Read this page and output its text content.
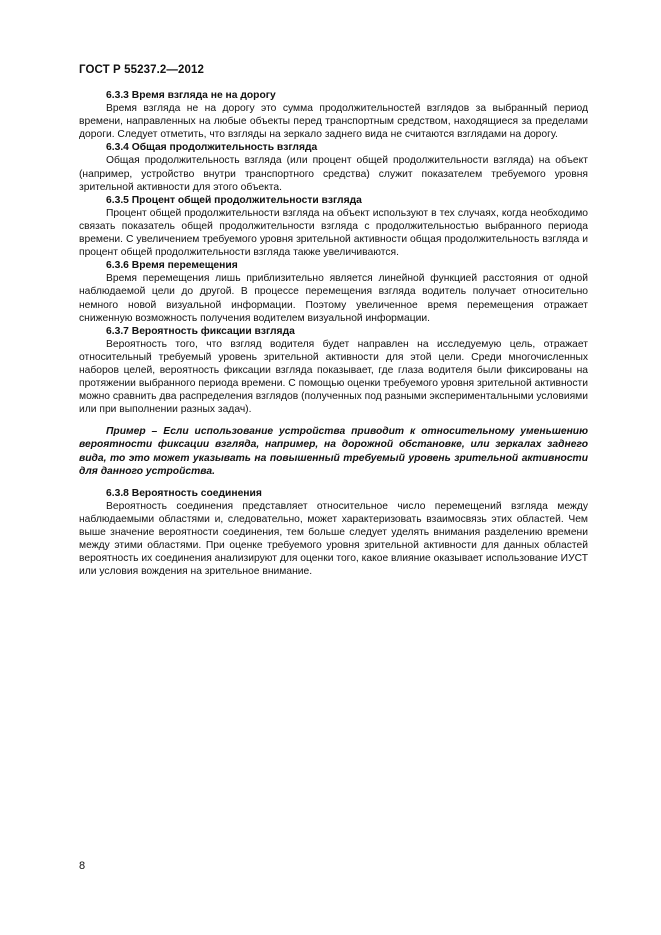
ГОСТ Р 55237.2—2012

6.3.3 Время взгляда не на дорогу

Время взгляда не на дорогу это сумма продолжительностей взглядов за выбранный период времени, направленных на любые объекты перед транспортным средством, находящиеся за пределами дороги. Следует отметить, что взгляды на зеркало заднего вида не считаются взглядами на дорогу.

6.3.4 Общая продолжительность взгляда

Общая продолжительность взгляда (или процент общей продолжительности взгляда) на объект (например, устройство внутри транспортного средства) служит показателем требуемого уровня зрительной активности для этого объекта.

6.3.5 Процент общей продолжительности взгляда

Процент общей продолжительности взгляда на объект используют в тех случаях, когда необходимо связать показатель общей продолжительности взгляда с продолжительностью выбранного периода времени. С увеличением требуемого уровня зрительной активности общая продолжительность взгляда и процент общей продолжительности взгляда также увеличиваются.

6.3.6 Время перемещения

Время перемещения лишь приблизительно является линейной функцией расстояния от одной наблюдаемой цели до другой. В процессе перемещения взгляда водитель получает относительно немного новой визуальной информации. Поэтому увеличенное время перемещения отражает сниженную возможность получения водителем визуальной информации.

6.3.7 Вероятность фиксации взгляда

Вероятность того, что взгляд водителя будет направлен на исследуемую цель, отражает относительный требуемый уровень зрительной активности для этой цели. Среди многочисленных наборов целей, вероятность фиксации взгляда показывает, где глаза водителя были фиксированы на протяжении выбранного периода времени. С помощью оценки требуемого уровня зрительной активности можно сравнить два распределения взглядов (полученных под разными экспериментальными условиями или при выполнении разных задач).

Пример – Если использование устройства приводит к относительному уменьшению вероятности фиксации взгляда, например, на дорожной обстановке, или зеркалах заднего вида, то это может указывать на повышенный требуемый уровень зрительной активности для данного устройства.

6.3.8 Вероятность соединения

Вероятность соединения представляет относительное число перемещений взгляда между наблюдаемыми областями и, следовательно, может характеризовать взаимосвязь этих областей. Чем выше значение вероятности соединения, тем больше следует уделять внимания разделению времени между этими областями. При оценке требуемого уровня зрительной активности для данных областей вероятность их соединения анализируют для оценки того, какое влияние оказывает использование ИУСТ или условия вождения на зрительное внимание.

8
